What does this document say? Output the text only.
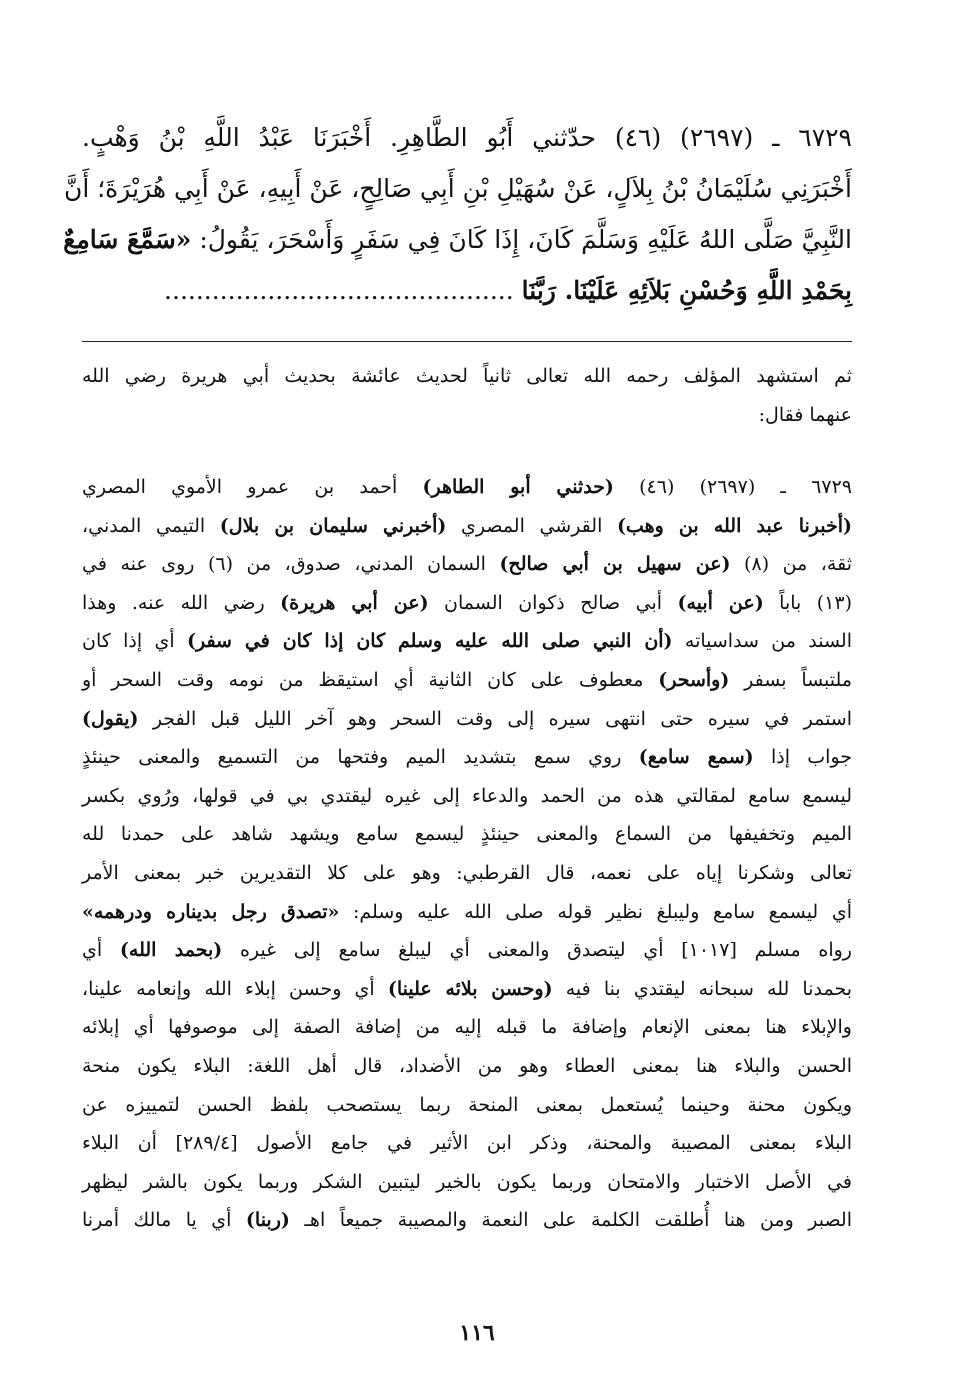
٦٧٢٩ ـ (٢٦٩٧) (٤٦) حدّثني أَبُو الطَّاهِرِ. أَخْبَرَنَا عَبْدُ اللَّهِ بْنُ وَهْبٍ.
أَخْبَرَنِي سُلَيْمَانُ بْنُ بِلاَلٍ، عَنْ سُهَيْلِ بْنِ أَبِي صَالِحٍ، عَنْ أَبِيهِ، عَنْ أَبِي هُرَيْرَةَ؛ أَنَّ
النَّبِيَّ صَلَّى اللهُ عَلَيْهِ وَسَلَّمَ كَانَ، إِذَا كَانَ فِي سَفَرٍ وَأَسْحَرَ، يَقُولُ: «سَمَّعَ سَامِعٌ
بِحَمْدِ اللَّهِ وَحُسْنِ بَلاَئِهِ عَلَيْنَا. رَبَّنَا ............................................
ثم استشهد المؤلف رحمه الله تعالى ثانياً لحديث عائشة بحديث أبي هريرة رضي الله
عنهما فقال:
٦٧٢٩ ـ (٢٦٩٧) (٤٦) (حدثني أبو الطاهر) أحمد بن عمرو الأموي المصري
(أخبرنا عبد الله بن وهب) القرشي المصري (أخبرني سليمان بن بلال) التيمي المدني،
ثقة، من (٨) (عن سهيل بن أبي صالح) السمان المدني، صدوق، من (٦) روى عنه في
(١٣) باباً (عن أبيه) أبي صالح ذكوان السمان (عن أبي هريرة) رضي الله عنه. وهذا
السند من سداسياته (أن النبي صلى الله عليه وسلم كان إذا كان في سفر) أي إذا كان
ملتبساً بسفر (وأسحر) معطوف على كان الثانية أي استيقظ من نومه وقت السحر أو
استمر في سيره حتى انتهى سيره إلى وقت السحر وهو آخر الليل قبل الفجر (يقول)
جواب إذا (سمع سامع) روي سمع بتشديد الميم وفتحها من التسميع والمعنى حينئذٍ
ليسمع سامع لمقالتي هذه من الحمد والدعاء إلى غيره ليقتدي بي في قولها، ورُوي بكسر
الميم وتخفيفها من السماع والمعنى حينئذٍ ليسمع سامع ويشهد شاهد على حمدنا لله
تعالى وشكرنا إياه على نعمه، قال القرطبي: وهو على كلا التقديرين خبر بمعنى الأمر
أي ليسمع سامع وليبلغ نظير قوله صلى الله عليه وسلم: «تصدق رجل بديناره ودرهمه»
رواه مسلم [١٠١٧] أي ليتصدق والمعنى أي ليبلغ سامع إلى غيره (بحمد الله) أي
بحمدنا لله سبحانه ليقتدي بنا فيه (وحسن بلائه علينا) أي وحسن إبلاء الله وإنعامه علينا،
والإبلاء هنا بمعنى الإنعام وإضافة ما قبله إليه من إضافة الصفة إلى موصوفها أي إبلائه
الحسن والبلاء هنا بمعنى العطاء وهو من الأضداد، قال أهل اللغة: البلاء يكون منحة
ويكون محنة وحينما يُستعمل بمعنى المنحة ربما يستصحب بلفظ الحسن لتمييزه عن
البلاء بمعنى المصيبة والمحنة، وذكر ابن الأثير في جامع الأصول [٢٨٩/٤] أن البلاء
في الأصل الاختبار والامتحان وربما يكون بالخير ليتبين الشكر وربما يكون بالشر ليظهر
الصبر ومن هنا أُطلقت الكلمة على النعمة والمصيبة جميعاً اهـ (ربنا) أي يا مالك أمرنا
١١٦
